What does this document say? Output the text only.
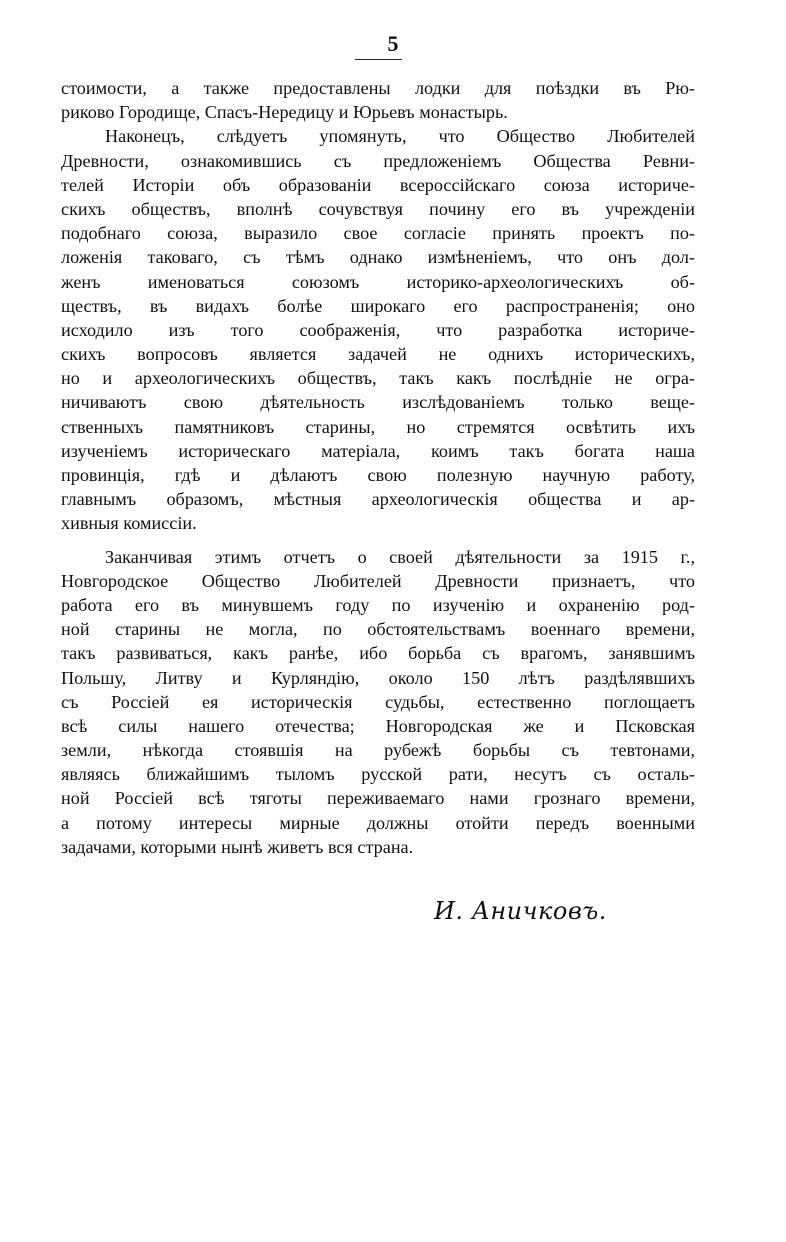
5
стоимости, а также предоставлены лодки для поѣздки въ Рю-
риково Городище, Спасъ-Нередицу и Юрьевъ монастырь.
Наконецъ, слѣдуетъ упомянуть, что Общество Любителей
Древности, ознакомившись съ предложеніемъ Общества Ревни-
телей Исторіи объ образованіи всероссійскаго союза историче-
скихъ обществъ, вполнѣ сочувствуя почину его въ учрежденіи
подобнаго союза, выразило свое согласіе принять проектъ по-
ложенія таковаго, съ тѣмъ однако измѣненіемъ, что онъ дол-
женъ именоваться союзомъ историко-археологическихъ об-
ществъ, въ видахъ болѣе широкаго его распространенія; оно
исходило изъ того соображенія, что разработка историче-
скихъ вопросовъ является задачей не однихъ историческихъ,
но и археологическихъ обществъ, такъ какъ послѣдніе не огра-
ничиваютъ свою дѣятельность изслѣдованіемъ только веще-
ственныхъ памятниковъ старины, но стремятся освѣтить ихъ
изученіемъ историческаго матеріала, коимъ такъ богата наша
провинція, гдѣ и дѣлаютъ свою полезную научную работу,
главнымъ образомъ, мѣстныя археологическія общества и ар-
хивныя комиссіи.
Заканчивая этимъ отчетъ о своей дѣятельности за 1915 г.,
Новгородское Общество Любителей Древности признаетъ, что
работа его въ минувшемъ году по изученію и охраненію род-
ной старины не могла, по обстоятельствамъ военнаго времени,
такъ развиваться, какъ ранѣе, ибо борьба съ врагомъ, занявшимъ
Польшу, Литву и Курляндію, около 150 лѣтъ раздѣлявшихъ
съ Россіей ея историческія судьбы, естественно поглощаетъ
всѣ силы нашего отечества; Новгородская же и Псковская
земли, нѣкогда стоявшія на рубежѣ борьбы съ тевтонами,
являясь ближайшимъ тыломъ русской рати, несутъ съ осталь-
ной Россіей всѣ тяготы переживаемаго нами грознаго времени,
а потому интересы мирные должны отойти передъ военными
задачами, которыми нынѣ живетъ вся страна.
И. Аничковъ.
